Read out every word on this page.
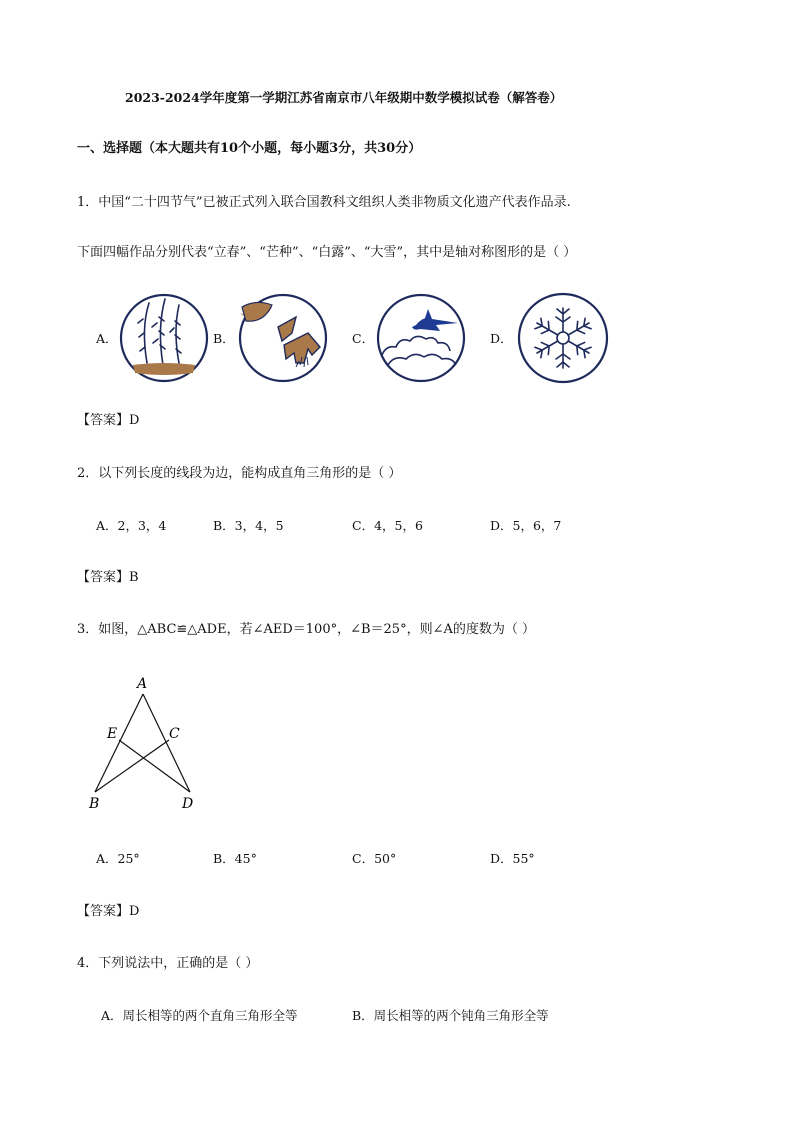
2023-2024学年度第一学期江苏省南京市八年级期中数学模拟试卷（解答卷）
一、选择题（本大题共有10个小题，每小题3分，共30分）
1．中国“二十四节气”已被正式列入联合国教科文组织人类非物质文化遗产代表作品录.
下面四幅作品分别代表“立春”、“芒种”、“白露”、“大雪”，其中是轴对称图形的是（ ）
A．	B．	C．	D．
【答案】D
2．以下列长度的线段为边，能构成直角三角形的是（ ）
A．2，3，4	B．3，4，5	C．4，5，6	D．5，6，7
【答案】B
3．如图，△ABC≌△ADE，若∠AED＝100°，∠B＝25°，则∠A的度数为（ ）
A
E	C
B	D
A．25°	B．45°	C．50°	D．55°
【答案】D
4．下列说法中，正确的是（ ）
A．周长相等的两个直角三角形全等	B．周长相等的两个钝角三角形全等
